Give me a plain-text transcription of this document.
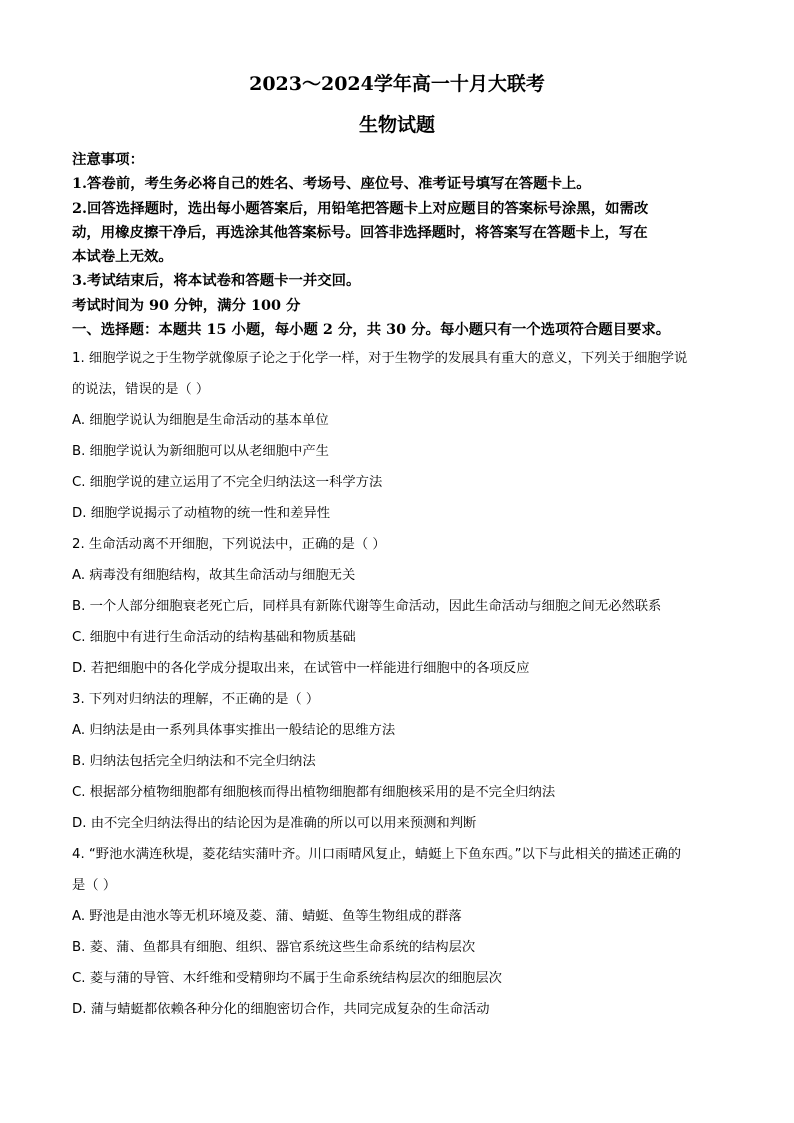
2023～2024学年高一十月大联考
生物试题
注意事项：
1.答卷前，考生务必将自己的姓名、考场号、座位号、准考证号填写在答题卡上。
2.回答选择题时，选出每小题答案后，用铅笔把答题卡上对应题目的答案标号涂黑，如需改
动，用橡皮擦干净后，再选涂其他答案标号。回答非选择题时，将答案写在答题卡上，写在
本试卷上无效。
3.考试结束后，将本试卷和答题卡一并交回。
考试时间为 90 分钟，满分 100 分
一、选择题：本题共 15 小题，每小题 2 分，共 30 分。每小题只有一个选项符合题目要求。
1. 细胞学说之于生物学就像原子论之于化学一样，对于生物学的发展具有重大的意义，下列关于细胞学说
的说法，错误的是（ ）
A. 细胞学说认为细胞是生命活动的基本单位
B. 细胞学说认为新细胞可以从老细胞中产生
C. 细胞学说的建立运用了不完全归纳法这一科学方法
D. 细胞学说揭示了动植物的统一性和差异性
2. 生命活动离不开细胞，下列说法中，正确的是（ ）
A. 病毒没有细胞结构，故其生命活动与细胞无关
B. 一个人部分细胞衰老死亡后，同样具有新陈代谢等生命活动，因此生命活动与细胞之间无必然联系
C. 细胞中有进行生命活动的结构基础和物质基础
D. 若把细胞中的各化学成分提取出来，在试管中一样能进行细胞中的各项反应
3. 下列对归纳法的理解，不正确的是（ ）
A. 归纳法是由一系列具体事实推出一般结论的思维方法
B. 归纳法包括完全归纳法和不完全归纳法
C. 根据部分植物细胞都有细胞核而得出植物细胞都有细胞核采用的是不完全归纳法
D. 由不完全归纳法得出的结论因为是准确的所以可以用来预测和判断
4. “野池水满连秋堤，菱花结实蒲叶齐。川口雨晴风复止，蜻蜓上下鱼东西。”以下与此相关的描述正确的
是（ ）
A. 野池是由池水等无机环境及菱、蒲、蜻蜓、鱼等生物组成的群落
B. 菱、蒲、鱼都具有细胞、组织、器官系统这些生命系统的结构层次
C. 菱与蒲的导管、木纤维和受精卵均不属于生命系统结构层次的细胞层次
D. 蒲与蜻蜓都依赖各种分化的细胞密切合作，共同完成复杂的生命活动
